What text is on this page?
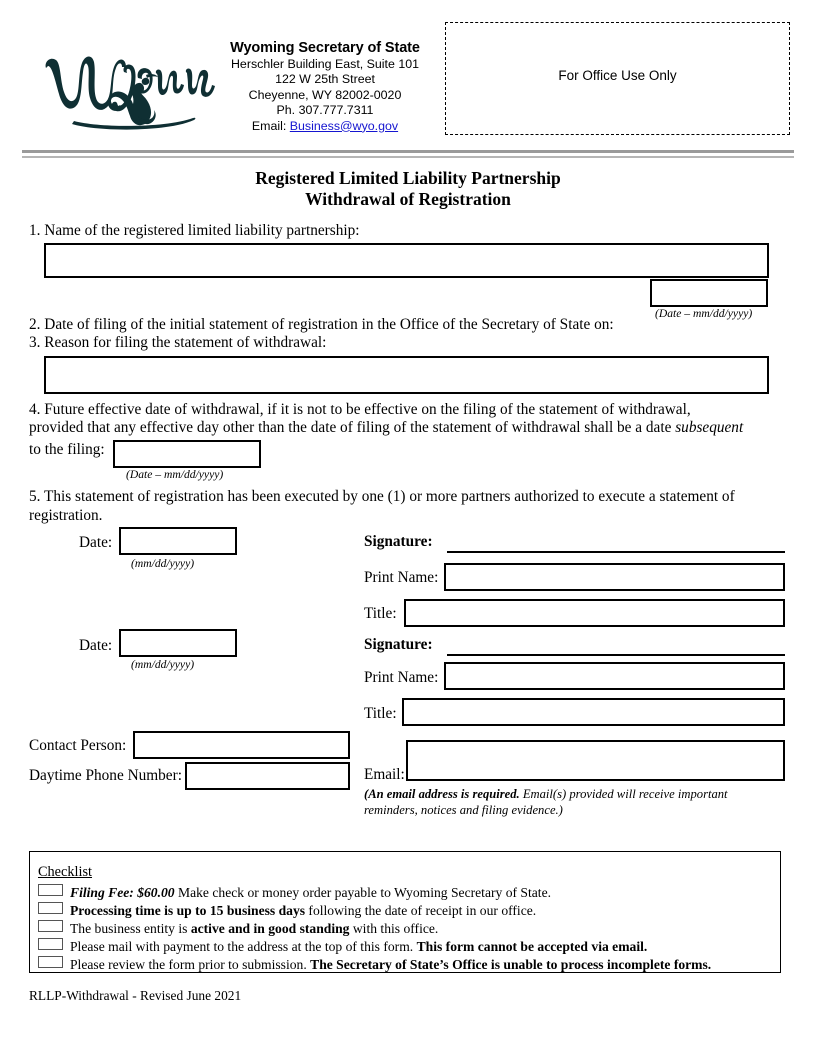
Wyoming Secretary of State
Herschler Building East, Suite 101
122 W 25th Street
Cheyenne, WY 82002-0020
Ph. 307.777.7311
Email: Business@wyo.gov
For Office Use Only
Registered Limited Liability Partnership
Withdrawal of Registration
1. Name of the registered limited liability partnership:
2. Date of filing of the initial statement of registration in the Office of the Secretary of State on:
(Date – mm/dd/yyyy)
3. Reason for filing the statement of withdrawal:
4. Future effective date of withdrawal, if it is not to be effective on the filing of the statement of withdrawal,
provided that any effective day other than the date of filing of the statement of withdrawal shall be a date subsequent
to the filing:
(Date – mm/dd/yyyy)
5. This statement of registration has been executed by one (1) or more partners authorized to execute a statement of
registration.
Date:
(mm/dd/yyyy)
Signature:
Print Name:
Title:
Date:
(mm/dd/yyyy)
Signature:
Print Name:
Title:
Contact Person:
Daytime Phone Number:	Email:
(An email address is required. Email(s) provided will receive important
reminders, notices and filing evidence.)
Checklist
Filing Fee: $60.00 Make check or money order payable to Wyoming Secretary of State.
Processing time is up to 15 business days following the date of receipt in our office.
The business entity is active and in good standing with this office.
Please mail with payment to the address at the top of this form. This form cannot be accepted via email.
Please review the form prior to submission. The Secretary of State’s Office is unable to process incomplete forms.
RLLP-Withdrawal - Revised June 2021
